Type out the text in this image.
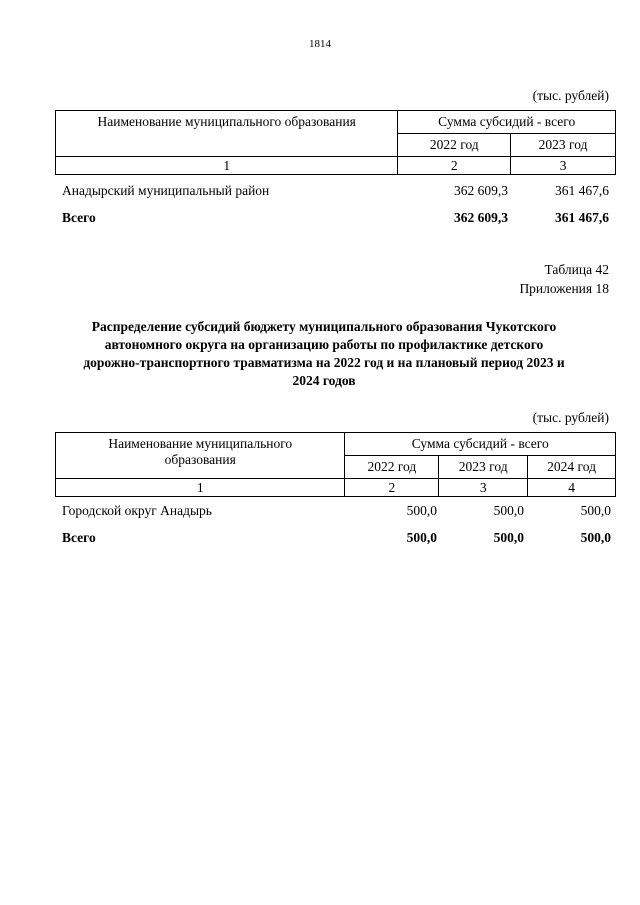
1814
(тыс. рублей)
Наименование муниципального образования	Сумма субсидий - всего	
	2022 год	2023 год
1	2	3
Анадырский муниципальный район	362 609,3	361 467,6
Всего	362 609,3	361 467,6
Таблица 42
Приложения 18
Распределение субсидий бюджету муниципального образования Чукотского
автономного округа на организацию работы по профилактике детского
дорожно-транспортного травматизма на 2022 год и на плановый период 2023 и
2024 годов
(тыс. рублей)
Наименование муниципального
образования	Сумма субсидий - всего		
	2022 год	2023 год	2024 год
1	2	3	4
Городской округ Анадырь	500,0	500,0	500,0
Всего	500,0	500,0	500,0
